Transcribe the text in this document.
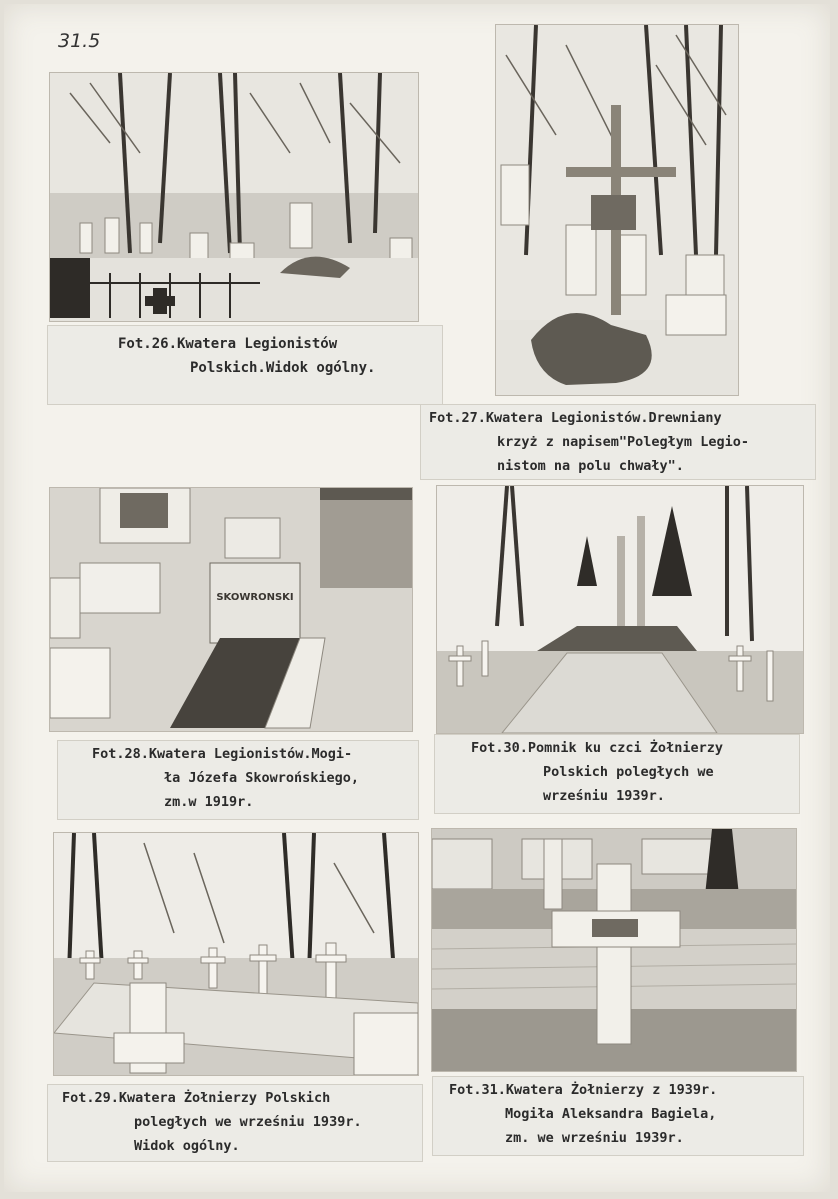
31.5
SKOWRONSKI
Fot.26.Kwatera Legionistów
Polskich.Widok ogólny.
Fot.27.Kwatera Legionistów.Drewniany
krzyż z napisem"Poległym Legio-
nistom na polu chwały".
Fot.28.Kwatera Legionistów.Mogi-
ła Józefa Skowrońskiego,
zm.w 1919r.
Fot.30.Pomnik ku czci Żołnierzy
Polskich poległych we
wrześniu 1939r.
Fot.29.Kwatera Żołnierzy Polskich
poległych we wrześniu 1939r.
Widok ogólny.
Fot.31.Kwatera Żołnierzy z 1939r.
Mogiła Aleksandra Bagiela,
zm. we wrześniu 1939r.
